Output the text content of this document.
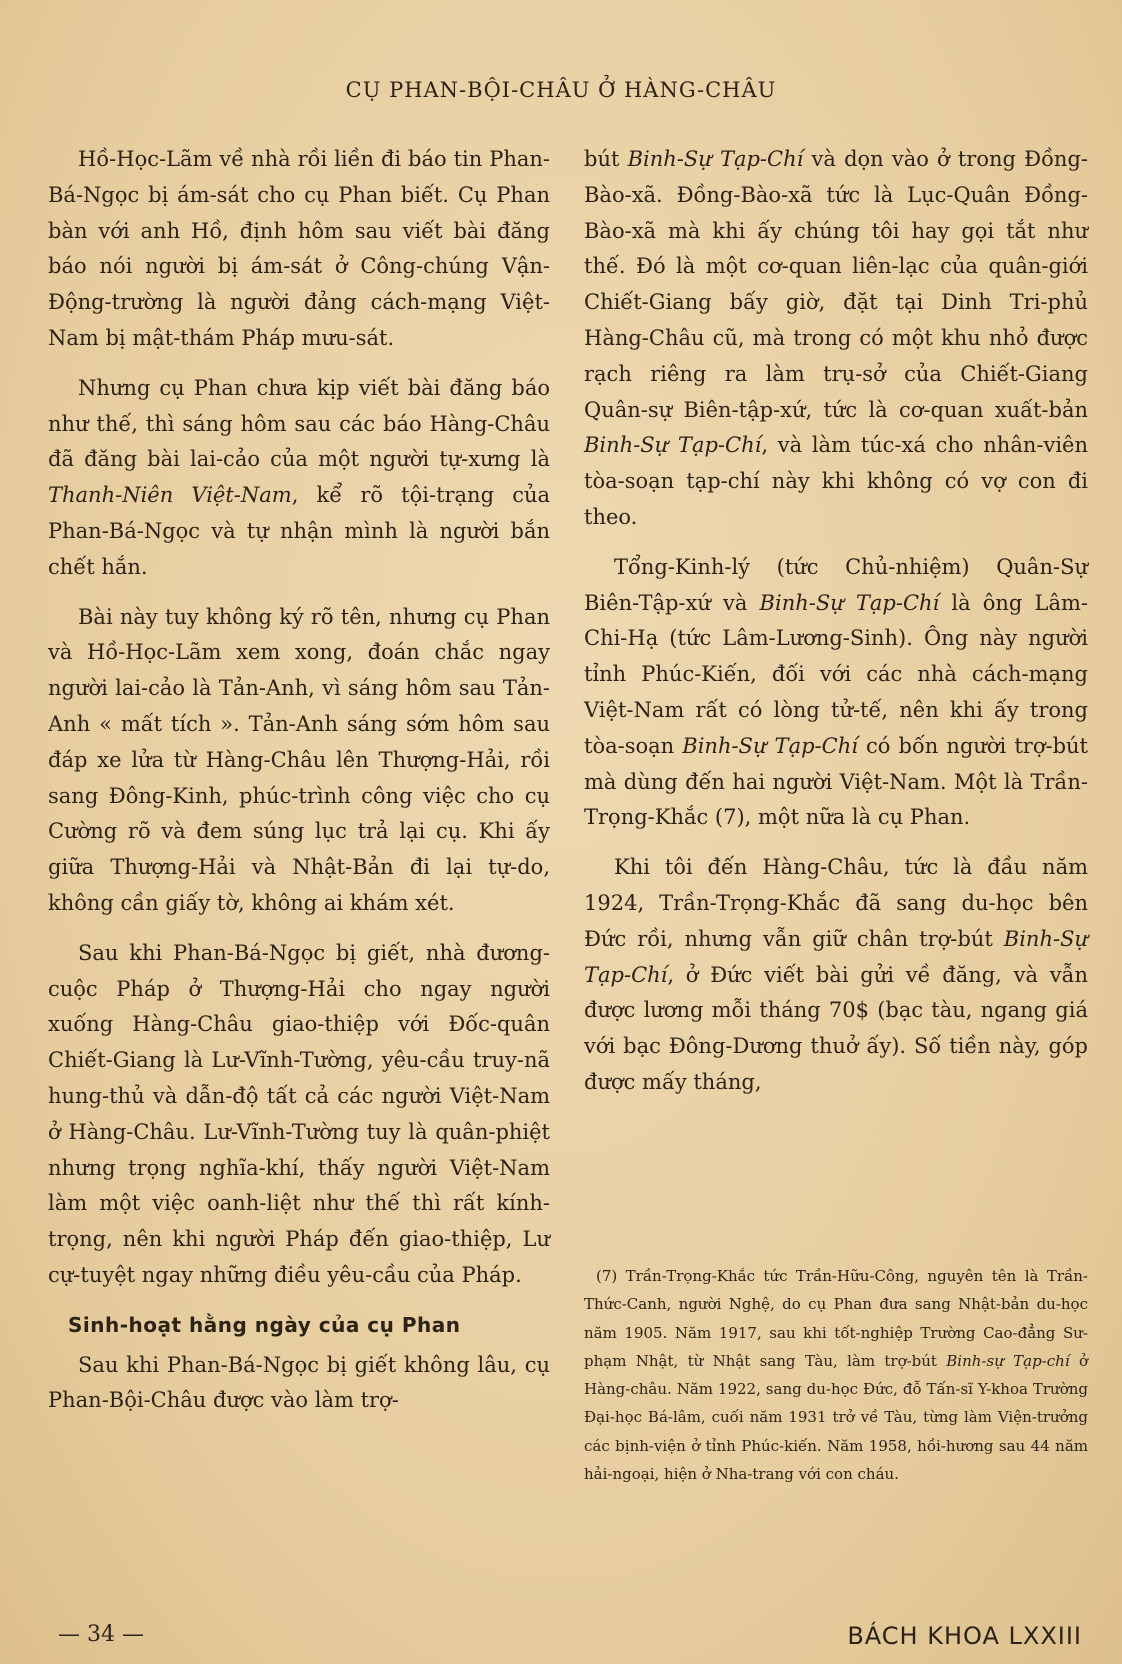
CỤ PHAN-BỘI-CHÂU Ở HÀNG-CHÂU

Hồ-Học-Lãm về nhà rồi liền đi báo tin Phan-Bá-Ngọc bị ám-sát cho cụ Phan biết. Cụ Phan bàn với anh Hồ, định hôm sau viết bài đăng báo nói người bị ám-sát ở Công-chúng Vận-Động-trường là người đảng cách-mạng Việt-Nam bị mật-thám Pháp mưu-sát.

Nhưng cụ Phan chưa kịp viết bài đăng báo như thế, thì sáng hôm sau các báo Hàng-Châu đã đăng bài lai-cảo của một người tự-xưng là Thanh-Niên Việt-Nam, kể rõ tội-trạng của Phan-Bá-Ngọc và tự nhận mình là người bắn chết hắn.

Bài này tuy không ký rõ tên, nhưng cụ Phan và Hồ-Học-Lãm xem xong, đoán chắc ngay người lai-cảo là Tản-Anh, vì sáng hôm sau Tản-Anh « mất tích ». Tản-Anh sáng sớm hôm sau đáp xe lửa từ Hàng-Châu lên Thượng-Hải, rồi sang Đông-Kinh, phúc-trình công việc cho cụ Cường rõ và đem súng lục trả lại cụ. Khi ấy giữa Thượng-Hải và Nhật-Bản đi lại tự-do, không cần giấy tờ, không ai khám xét.

Sau khi Phan-Bá-Ngọc bị giết, nhà đương-cuộc Pháp ở Thượng-Hải cho ngay người xuống Hàng-Châu giao-thiệp với Đốc-quân Chiết-Giang là Lư-Vĩnh-Tường, yêu-cầu truy-nã hung-thủ và dẫn-độ tất cả các người Việt-Nam ở Hàng-Châu. Lư-Vĩnh-Tường tuy là quân-phiệt nhưng trọng nghĩa-khí, thấy người Việt-Nam làm một việc oanh-liệt như thế thì rất kính-trọng, nên khi người Pháp đến giao-thiệp, Lư cự-tuyệt ngay những điều yêu-cầu của Pháp.

Sinh-hoạt hằng ngày của cụ Phan

Sau khi Phan-Bá-Ngọc bị giết không lâu, cụ Phan-Bội-Châu được vào làm trợ-

bút Binh-Sự Tạp-Chí và dọn vào ở trong Đồng-Bào-xã. Đồng-Bào-xã tức là Lục-Quân Đồng-Bào-xã mà khi ấy chúng tôi hay gọi tắt như thế. Đó là một cơ-quan liên-lạc của quân-giới Chiết-Giang bấy giờ, đặt tại Dinh Tri-phủ Hàng-Châu cũ, mà trong có một khu nhỏ được rạch riêng ra làm trụ-sở của Chiết-Giang Quân-sự Biên-tập-xứ, tức là cơ-quan xuất-bản Binh-Sự Tạp-Chí, và làm túc-xá cho nhân-viên tòa-soạn tạp-chí này khi không có vợ con đi theo.

Tổng-Kinh-lý (tức Chủ-nhiệm) Quân-Sự Biên-Tập-xứ và Binh-Sự Tạp-Chí là ông Lâm-Chi-Hạ (tức Lâm-Lương-Sinh). Ông này người tỉnh Phúc-Kiến, đối với các nhà cách-mạng Việt-Nam rất có lòng tử-tế, nên khi ấy trong tòa-soạn Binh-Sự Tạp-Chí có bốn người trợ-bút mà dùng đến hai người Việt-Nam. Một là Trần-Trọng-Khắc (7), một nữa là cụ Phan.

Khi tôi đến Hàng-Châu, tức là đầu năm 1924, Trần-Trọng-Khắc đã sang du-học bên Đức rồi, nhưng vẫn giữ chân trợ-bút Binh-Sự Tạp-Chí, ở Đức viết bài gửi về đăng, và vẫn được lương mỗi tháng 70$ (bạc tàu, ngang giá với bạc Đông-Dương thuở ấy). Số tiền này, góp được mấy tháng,

(7) Trần-Trọng-Khắc tức Trần-Hữu-Công, nguyên tên là Trần-Thức-Canh, người Nghệ, do cụ Phan đưa sang Nhật-bản du-học năm 1905. Năm 1917, sau khi tốt-nghiệp Trường Cao-đẳng Sư-phạm Nhật, từ Nhật sang Tàu, làm trợ-bút Binh-sự Tạp-chí ở Hàng-châu. Năm 1922, sang du-học Đức, đỗ Tấn-sĩ Y-khoa Trường Đại-học Bá-lâm, cuối năm 1931 trở về Tàu, từng làm Viện-trưởng các bịnh-viện ở tỉnh Phúc-kiến. Năm 1958, hồi-hương sau 44 năm hải-ngoại, hiện ở Nha-trang với con cháu.

— 34 —	BÁCH KHOA LXXIII
